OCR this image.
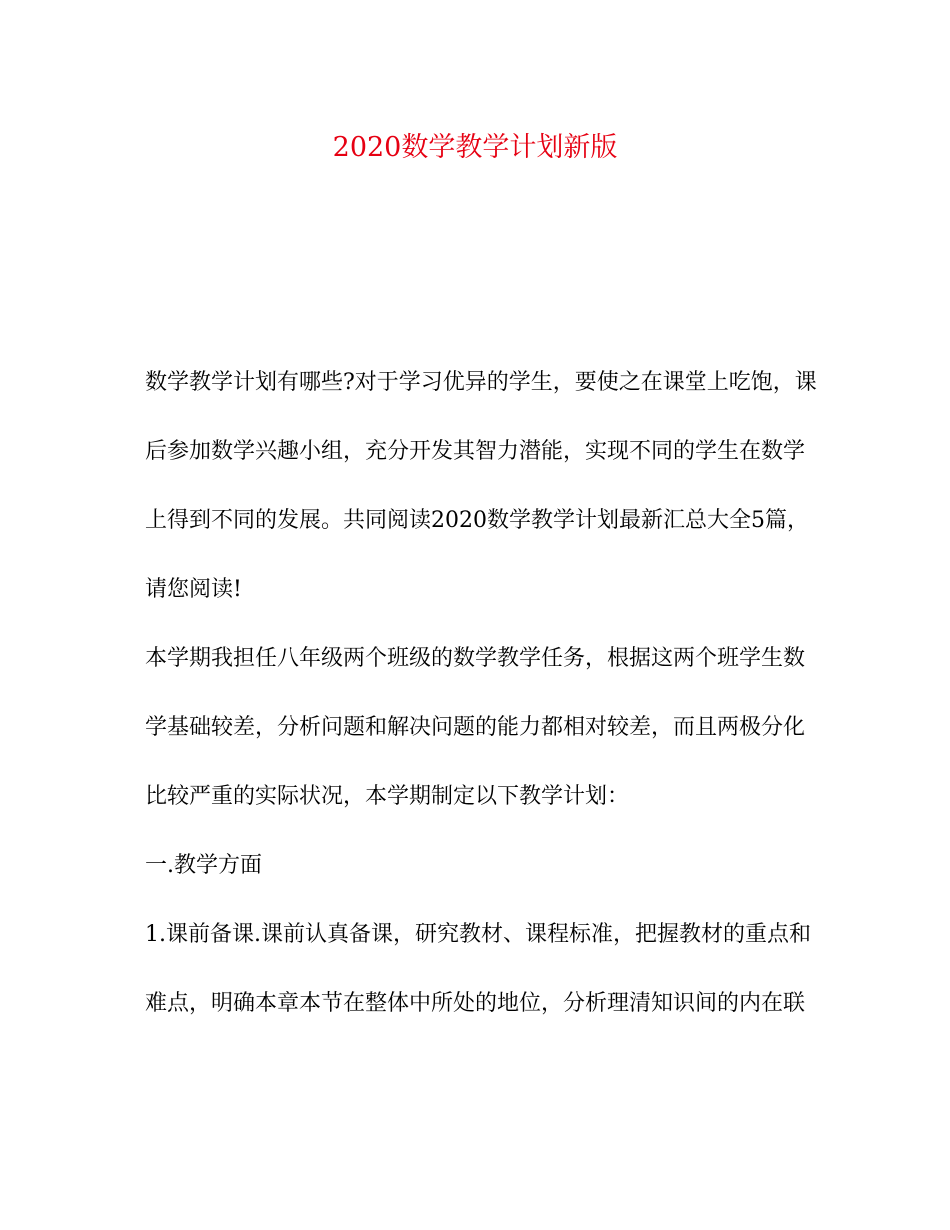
2020数学教学计划新版
数学教学计划有哪些?对于学习优异的学生，要使之在课堂上吃饱，课
后参加数学兴趣小组，充分开发其智力潜能，实现不同的学生在数学
上得到不同的发展。共同阅读2020数学教学计划最新汇总大全5篇，
请您阅读!
本学期我担任八年级两个班级的数学教学任务，根据这两个班学生数
学基础较差，分析问题和解决问题的能力都相对较差，而且两极分化
比较严重的实际状况，本学期制定以下教学计划：
一.教学方面
1.课前备课.课前认真备课，研究教材、课程标准，把握教材的重点和
难点，明确本章本节在整体中所处的地位，分析理清知识间的内在联
